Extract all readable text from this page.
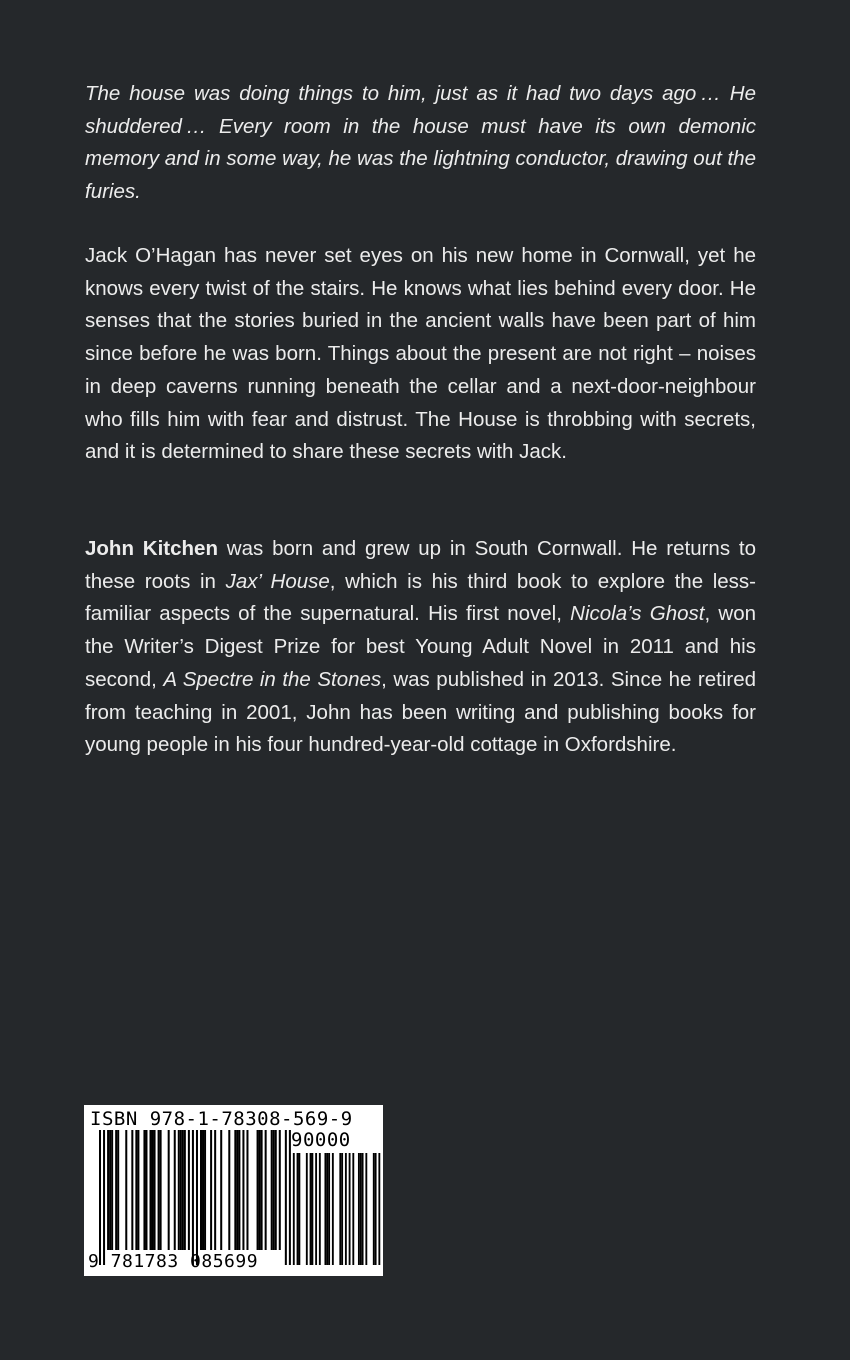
The house was doing things to him, just as it had two days ago … He shuddered … Every room in the house must have its own demonic memory and in some way, he was the lightning conductor, drawing out the furies.

Jack O’Hagan has never set eyes on his new home in Cornwall, yet he knows every twist of the stairs. He knows what lies behind every door. He senses that the stories buried in the ancient walls have been part of him since before he was born. Things about the present are not right – noises in deep caverns running beneath the cellar and a next-door-neighbour who fills him with fear and distrust. The House is throbbing with secrets, and it is determined to share these secrets with Jack.

John Kitchen was born and grew up in South Cornwall. He returns to these roots in Jax’ House, which is his third book to explore the less-familiar aspects of the supernatural. His first novel, Nicola’s Ghost, won the Writer’s Digest Prize for best Young Adult Novel in 2011 and his second, A Spectre in the Stones, was published in 2013. Since he retired from teaching in 2001, John has been writing and publishing books for young people in his four hundred-year-old cottage in Oxfordshire.

ISBN 978-1-78308-569-9
90000
9 781783 085699
